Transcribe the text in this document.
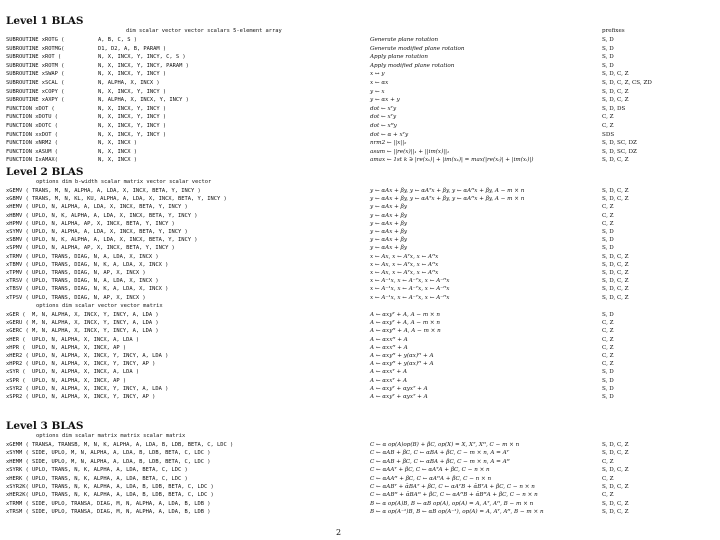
Level 1 BLAS
dim scalar vector vector scalars 5-element array	prefixes
SUBROUTINE xROTG (	A, B, C, S )	Generate plane rotation	S, D
SUBROUTINE xROTMG(	D1, D2, A, B, PARAM )	Generate modified plane rotation	S, D
SUBROUTINE xROT (	N, X, INCX, Y, INCY, C, S )	Apply plane rotation	S, D
SUBROUTINE xROTM (	N, X, INCX, Y, INCY, PARAM )	Apply modified plane rotation	S, D
SUBROUTINE xSWAP (	N, X, INCX, Y, INCY )	x ↔ y	S, D, C, Z
SUBROUTINE xSCAL (	N, ALPHA, X, INCX )	x ← αx	S, D, C, Z, CS, ZD
SUBROUTINE xCOPY (	N, X, INCX, Y, INCY )	y ← x	S, D, C, Z
SUBROUTINE xAXPY (	N, ALPHA, X, INCX, Y, INCY )	y ← αx + y	S, D, C, Z
FUNCTION xDOT (	N, X, INCX, Y, INCY )	dot ← xᵀy	S, D, DS
FUNCTION xDOTU (	N, X, INCX, Y, INCY )	dot ← xᵀy	C, Z
FUNCTION xDOTC (	N, X, INCX, Y, INCY )	dot ← xᴴy	C, Z
FUNCTION xxDOT (	N, X, INCX, Y, INCY )	dot ← α + xᵀy	SDS
FUNCTION xNRM2 (	N, X, INCX )	nrm2 ← ||x||₂	S, D, SC, DZ
FUNCTION xASUM (	N, X, INCX )	asum ← ||re(x)||₁ + ||im(x)||₁	S, D, SC, DZ
FUNCTION IxAMAX(	N, X, INCX )	amax ← 1st k ∋ |re(xₖ)| + |im(xₖ)| = max(|re(xᵢ)| + |im(xᵢ)|)	S, D, C, Z
Level 2 BLAS
options dim b-width scalar matrix vector scalar vector
xGEMV ( TRANS, M, N, ALPHA, A, LDA, X, INCX, BETA, Y, INCY )	y ← αAx + βy, y ← αAᵀx + βy, y ← αAᴴx + βy, A − m × n	S, D, C, Z
xGBMV ( TRANS, M, N, KL, KU, ALPHA, A, LDA, X, INCX, BETA, Y, INCY )	y ← αAx + βy, y ← αAᵀx + βy, y ← αAᴴx + βy, A − m × n	S, D, C, Z
xHEMV ( UPLO, N, ALPHA, A, LDA, X, INCX, BETA, Y, INCY )	y ← αAx + βy	C, Z
xHBMV ( UPLO, N, K, ALPHA, A, LDA, X, INCX, BETA, Y, INCY )	y ← αAx + βy	C, Z
xHPMV ( UPLO, N, ALPHA, AP, X, INCX, BETA, Y, INCY )	y ← αAx + βy	C, Z
xSYMV ( UPLO, N, ALPHA, A, LDA, X, INCX, BETA, Y, INCY )	y ← αAx + βy	S, D
xSBMV ( UPLO, N, K, ALPHA, A, LDA, X, INCX, BETA, Y, INCY )	y ← αAx + βy	S, D
xSPMV ( UPLO, N, ALPHA, AP, X, INCX, BETA, Y, INCY )	y ← αAx + βy	S, D
xTRMV ( UPLO, TRANS, DIAG, N, A, LDA, X, INCX )	x ← Ax, x ← Aᵀx, x ← Aᴴx	S, D, C, Z
xTBMV ( UPLO, TRANS, DIAG, N, K, A, LDA, X, INCX )	x ← Ax, x ← Aᵀx, x ← Aᴴx	S, D, C, Z
xTPMV ( UPLO, TRANS, DIAG, N, AP, X, INCX )	x ← Ax, x ← Aᵀx, x ← Aᴴx	S, D, C, Z
xTRSV ( UPLO, TRANS, DIAG, N, A, LDA, X, INCX )	x ← A⁻¹x, x ← A⁻ᵀx, x ← A⁻ᴴx	S, D, C, Z
xTBSV ( UPLO, TRANS, DIAG, N, K, A, LDA, X, INCX )	x ← A⁻¹x, x ← A⁻ᵀx, x ← A⁻ᴴx	S, D, C, Z
xTPSV ( UPLO, TRANS, DIAG, N, AP, X, INCX )	x ← A⁻¹x, x ← A⁻ᵀx, x ← A⁻ᴴx	S, D, C, Z
options dim scalar vector vector matrix
xGER ( M, N, ALPHA, X, INCX, Y, INCY, A, LDA )	A ← αxyᵀ + A, A − m × n	S, D
xGERU ( M, N, ALPHA, X, INCX, Y, INCY, A, LDA )	A ← αxyᵀ + A, A − m × n	C, Z
xGERC ( M, N, ALPHA, X, INCX, Y, INCY, A, LDA )	A ← αxyᴴ + A, A − m × n	C, Z
xHER ( UPLO, N, ALPHA, X, INCX, A, LDA )	A ← αxxᴴ + A	C, Z
xHPR ( UPLO, N, ALPHA, X, INCX, AP )	A ← αxxᴴ + A	C, Z
xHER2 ( UPLO, N, ALPHA, X, INCX, Y, INCY, A, LDA )	A ← αxyᴴ + y(αx)ᴴ + A	C, Z
xHPR2 ( UPLO, N, ALPHA, X, INCX, Y, INCY, AP )	A ← αxyᴴ + y(αx)ᴴ + A	C, Z
xSYR ( UPLO, N, ALPHA, X, INCX, A, LDA )	A ← αxxᵀ + A	S, D
xSPR ( UPLO, N, ALPHA, X, INCX, AP )	A ← αxxᵀ + A	S, D
xSYR2 ( UPLO, N, ALPHA, X, INCX, Y, INCY, A, LDA )	A ← αxyᵀ + αyxᵀ + A	S, D
xSPR2 ( UPLO, N, ALPHA, X, INCX, Y, INCY, AP )	A ← αxyᵀ + αyxᵀ + A	S, D
Level 3 BLAS
options dim scalar matrix matrix scalar matrix
xGEMM ( TRANSA, TRANSB, M, N, K, ALPHA, A, LDA, B, LDB, BETA, C, LDC )	C ← α op(A)op(B) + βC, op(X) = X, Xᵀ, Xᴴ, C − m × n	S, D, C, Z
xSYMM ( SIDE, UPLO, M, N, ALPHA, A, LDA, B, LDB, BETA, C, LDC )	C ← αAB + βC, C ← αBA + βC, C − m × n, A = Aᵀ	S, D, C, Z
xHEMM ( SIDE, UPLO, M, N, ALPHA, A, LDA, B, LDB, BETA, C, LDC )	C ← αAB + βC, C ← αBA + βC, C − m × n, A = Aᴴ	C, Z
xSYRK ( UPLO, TRANS, N, K, ALPHA, A, LDA, BETA, C, LDC )	C ← αAAᵀ + βC, C ← αAᵀA + βC, C − n × n	S, D, C, Z
xHERK ( UPLO, TRANS, N, K, ALPHA, A, LDA, BETA, C, LDC )	C ← αAAᴴ + βC, C ← αAᴴA + βC, C − n × n	C, Z
xSYR2K( UPLO, TRANS, N, K, ALPHA, A, LDA, B, LDB, BETA, C, LDC )	C ← αABᵀ + ᾱBAᵀ + βC, C ← αAᵀB + ᾱBᵀA + βC, C − n × n	S, D, C, Z
xHER2K( UPLO, TRANS, N, K, ALPHA, A, LDA, B, LDB, BETA, C, LDC )	C ← αABᴴ + ᾱBAᴴ + βC, C ← αAᴴB + ᾱBᴴA + βC, C − n × n	C, Z
xTRMM ( SIDE, UPLO, TRANSA, DIAG, M, N, ALPHA, A, LDA, B, LDB )	B ← α op(A)B, B ← αB op(A), op(A) = A, Aᵀ, Aᴴ, B − m × n	S, D, C, Z
xTRSM ( SIDE, UPLO, TRANSA, DIAG, M, N, ALPHA, A, LDA, B, LDB )	B ← α op(A⁻¹)B, B ← αB op(A⁻¹), op(A) = A, Aᵀ, Aᴴ, B − m × n	S, D, C, Z
2
